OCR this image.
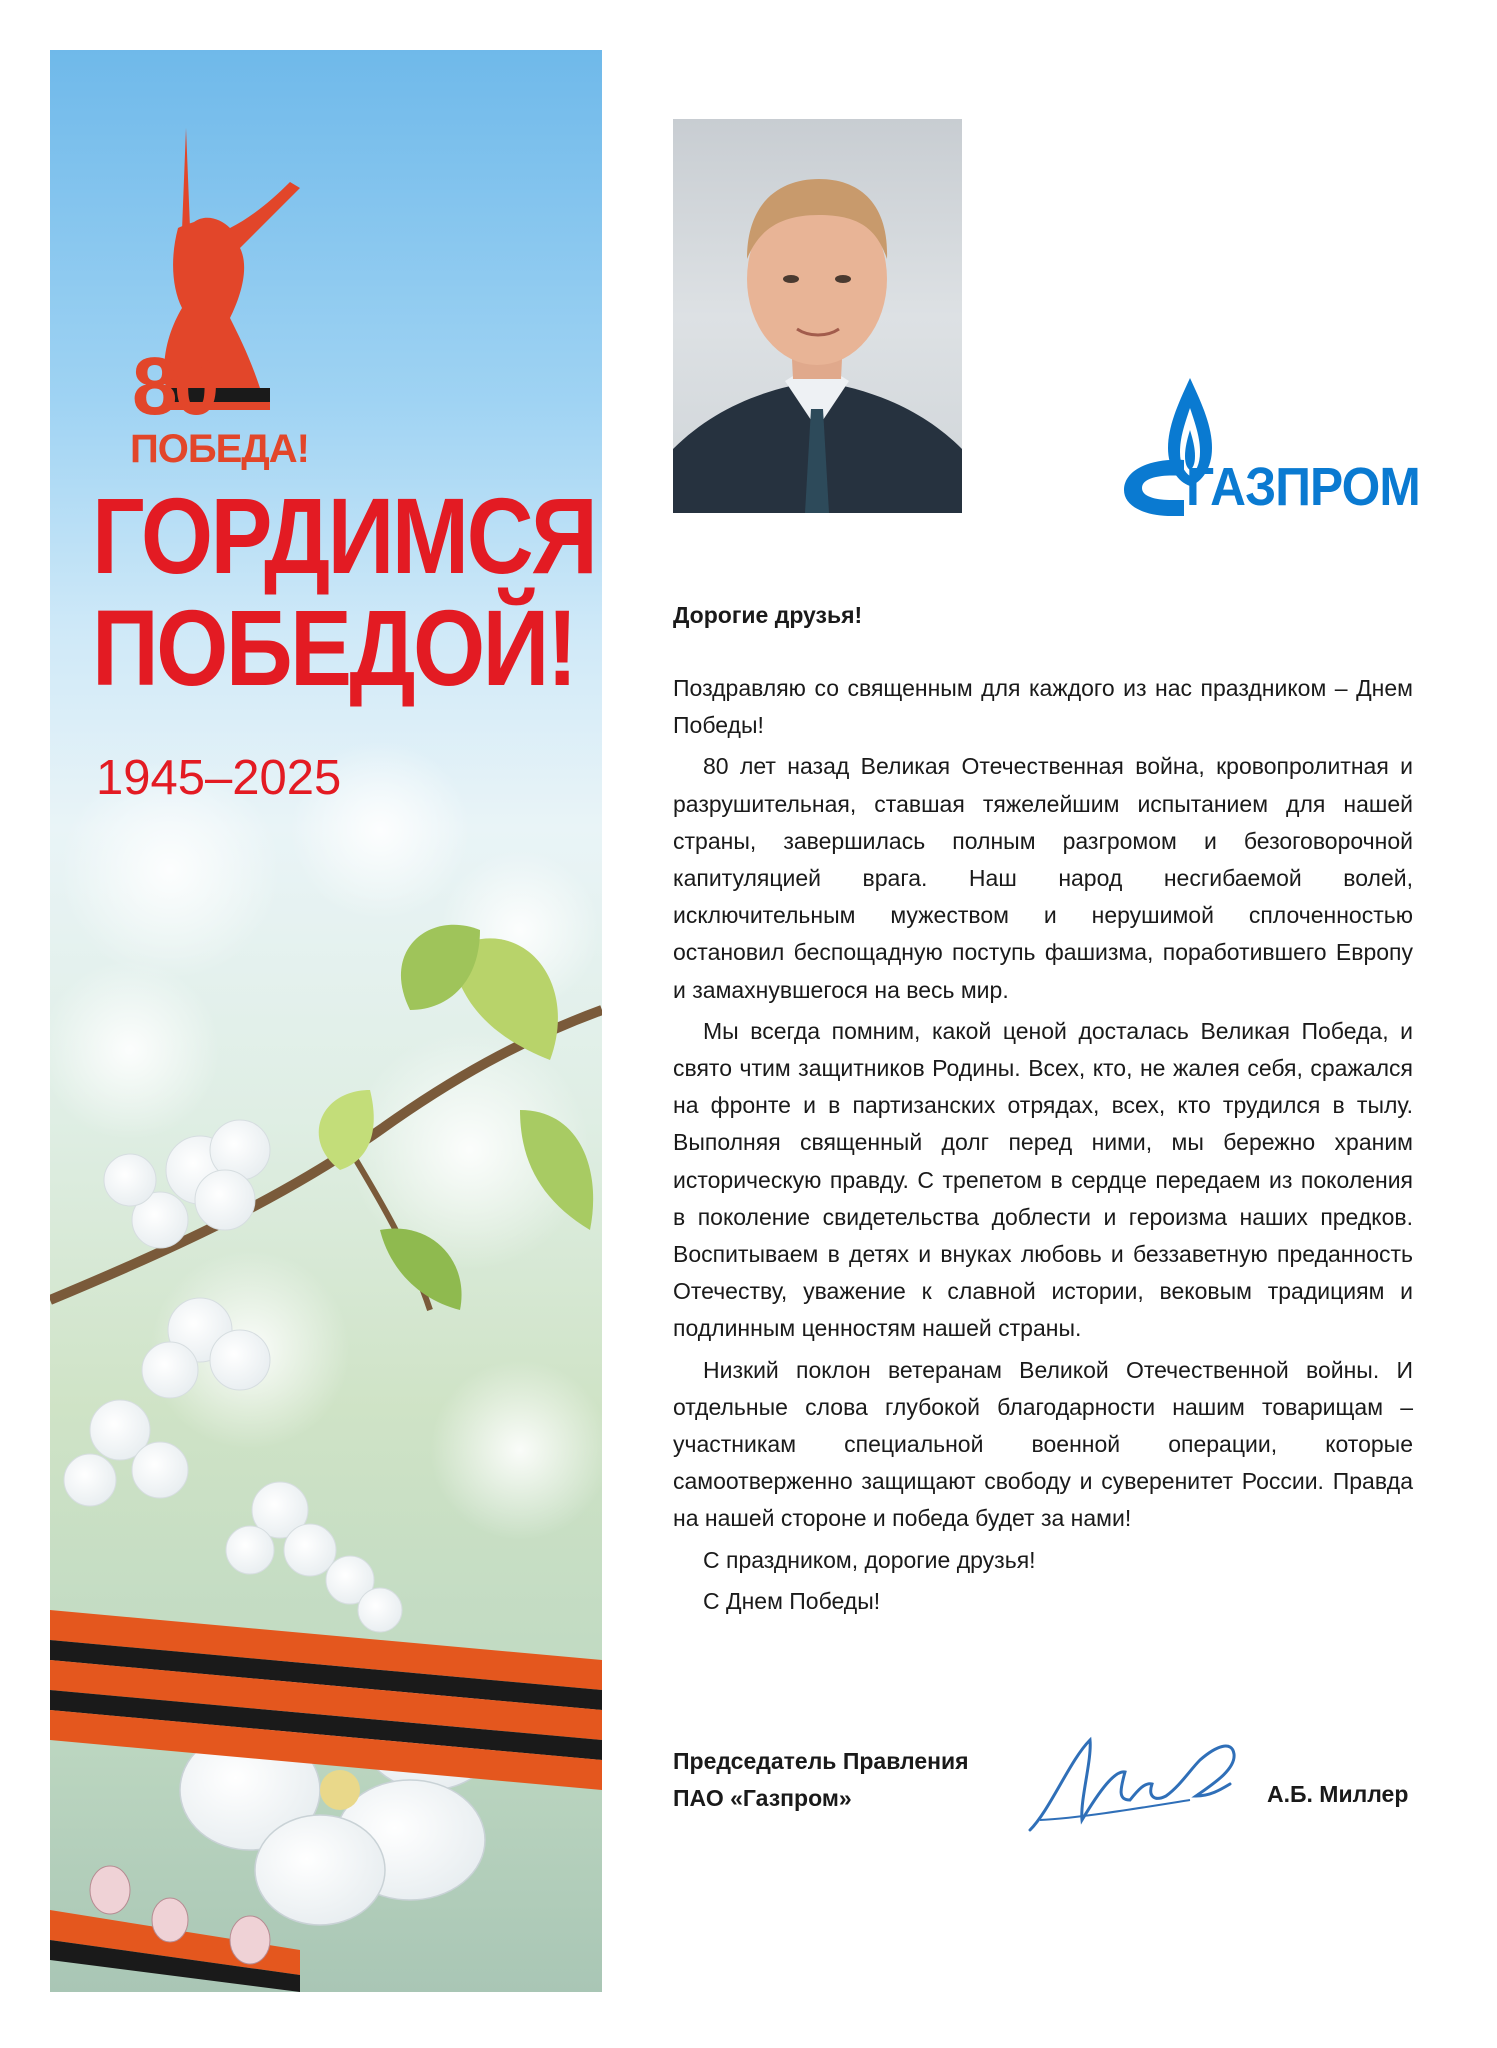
80
ПОБЕДА!
ГОРДИМСЯ
ПОБЕДОЙ!
1945–2025
ГАЗПРОМ
Дорогие друзья!

Поздравляю со священным для каждого из нас праздником – Днем Победы!

80 лет назад Великая Отечественная война, кровопролитная и разрушительная, ставшая тяжелейшим испытанием для нашей страны, завершилась полным разгромом и безоговорочной капитуляцией врага. Наш народ несгибаемой волей, исключительным мужеством и нерушимой сплоченностью остановил беспощадную поступь фашизма, поработившего Европу и замахнувшегося на весь мир.

Мы всегда помним, какой ценой досталась Великая Победа, и свято чтим защитников Родины. Всех, кто, не жалея себя, сражался на фронте и в партизанских отрядах, всех, кто трудился в тылу. Выполняя священный долг перед ними, мы бережно храним историческую правду. С трепетом в сердце передаем из поколения в поколение свидетельства доблести и героизма наших предков. Воспитываем в детях и внуках любовь и беззаветную преданность Отечеству, уважение к славной истории, вековым традициям и подлинным ценностям нашей страны.

Низкий поклон ветеранам Великой Отечественной войны. И отдельные слова глубокой благодарности нашим товарищам – участникам специальной военной операции, которые самоотверженно защищают свободу и суверенитет России. Правда на нашей стороне и победа будет за нами!

С праздником, дорогие друзья!

С Днем Победы!

Председатель Правления
ПАО «Газпром»	А.Б. Миллер
